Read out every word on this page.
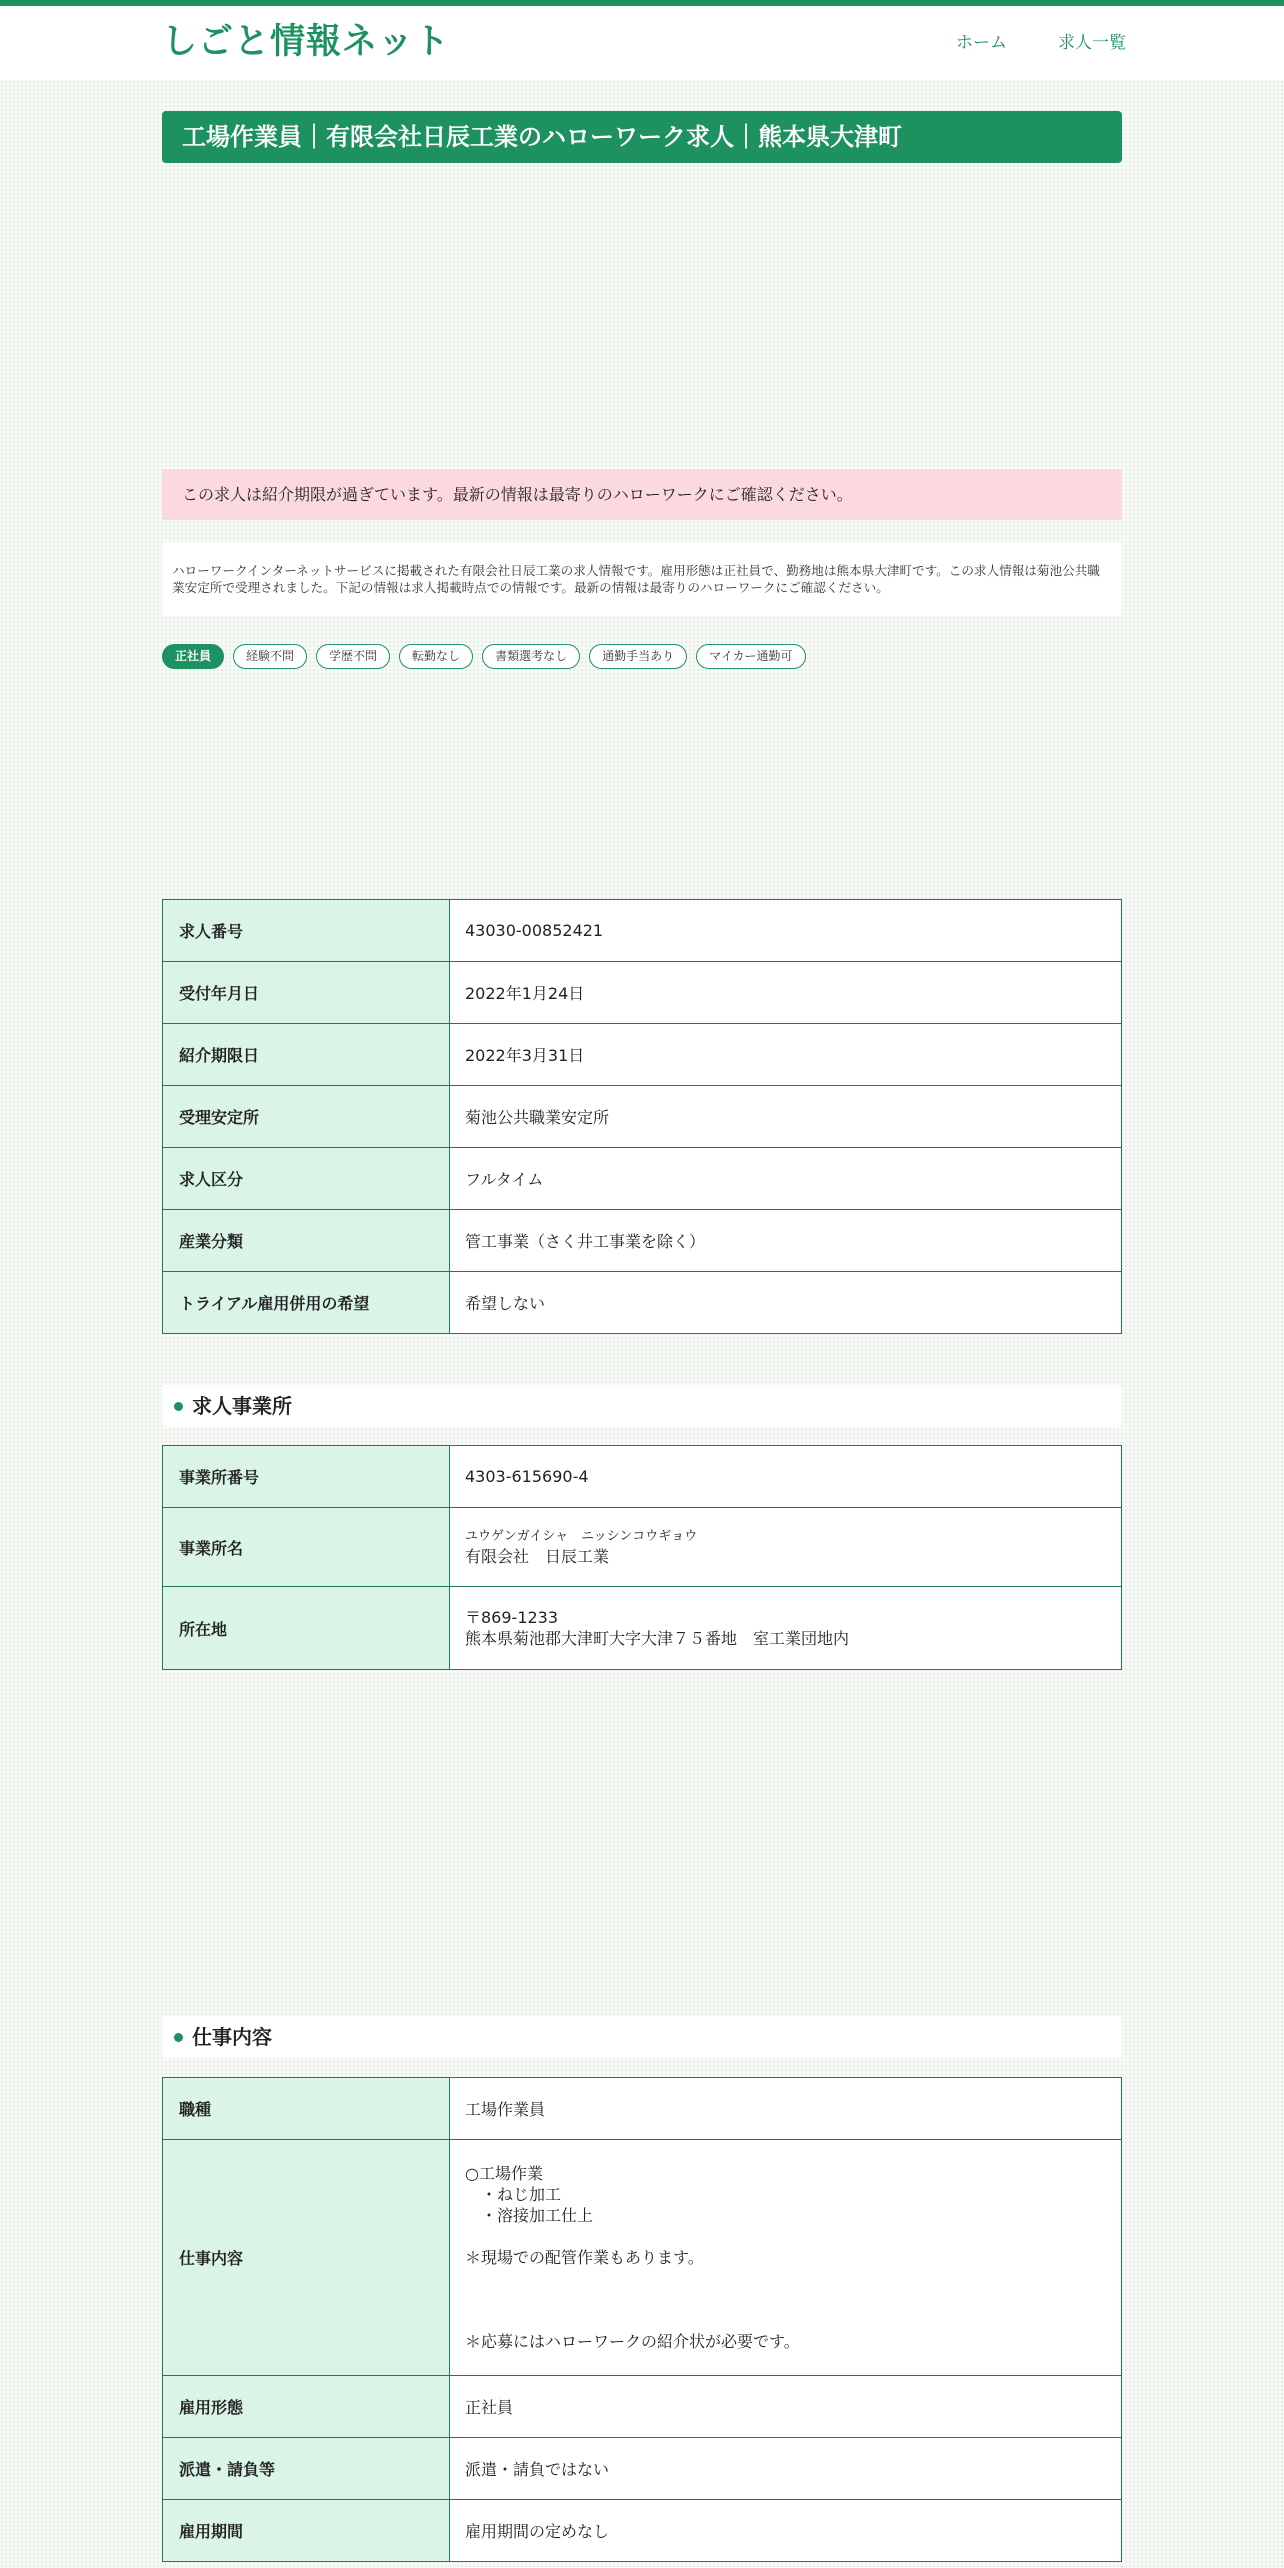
しごと情報ネット	ホーム	求人一覧
工場作業員｜有限会社日辰工業のハローワーク求人｜熊本県大津町
この求人は紹介期限が過ぎています。最新の情報は最寄りのハローワークにご確認ください。
ハローワークインターネットサービスに掲載された有限会社日辰工業の求人情報です。雇用形態は正社員で、勤務地は熊本県大津町です。この求人情報は菊池公共職業安定所で受理されました。下記の情報は求人掲載時点での情報です。最新の情報は最寄りのハローワークにご確認ください。
正社員	経験不問	学歴不問	転勤なし	書類選考なし	通勤手当あり	マイカー通勤可
求人番号	43030-00852421
受付年月日	2022年1月24日
紹介期限日	2022年3月31日
受理安定所	菊池公共職業安定所
求人区分	フルタイム
産業分類	管工事業（さく井工事業を除く）
トライアル雇用併用の希望	希望しない
求人事業所
事業所番号	4303-615690-4
事業所名	ユウゲンガイシャ　ニッシンコウギョウ
有限会社　日辰工業

所在地	〒869-1233
熊本県菊池郡大津町大字大津７５番地　室工業団地内
仕事内容
職種	工場作業員
仕事内容	○工場作業
　・ねじ加工
　・溶接加工仕上

＊現場での配管作業もあります。

＊応募にはハローワークの紹介状が必要です。

雇用形態	正社員
派遣・請負等	派遣・請負ではない
雇用期間	雇用期間の定めなし
